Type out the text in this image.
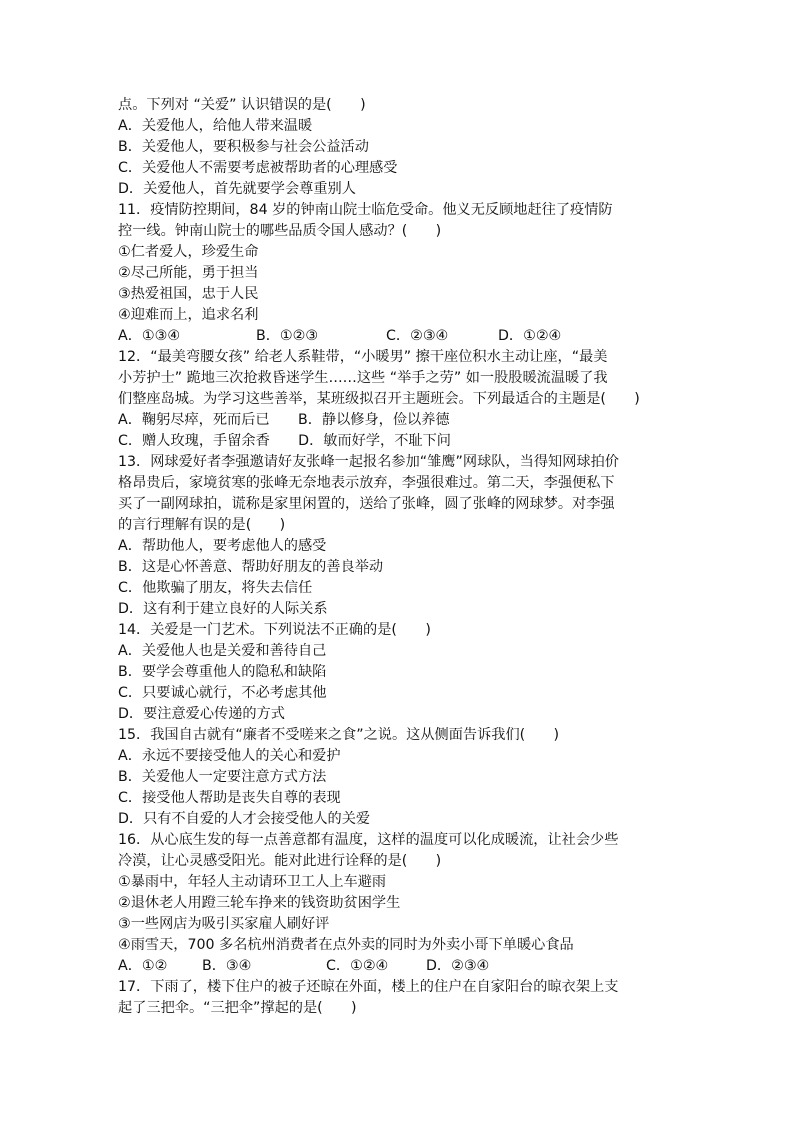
点。下列对 “关爱” 认识错误的是(　　)
A．关爱他人，给他人带来温暖
B．关爱他人，要积极参与社会公益活动
C．关爱他人不需要考虑被帮助者的心理感受
D．关爱他人，首先就要学会尊重别人
11．疫情防控期间，84 岁的钟南山院士临危受命。他义无反顾地赶往了疫情防
控一线。钟南山院士的哪些品质令国人感动？(　　)
①仁者爱人，珍爱生命
②尽己所能，勇于担当
③热爱祖国，忠于人民
④迎难而上，追求名利
A．①③④	B．①②③	C．②③④	D．①②④
12．“最美弯腰女孩” 给老人系鞋带，“小暖男” 擦干座位积水主动让座，“最美
小芳护士” 跪地三次抢救昏迷学生……这些 “举手之劳” 如一股股暖流温暖了我
们整座岛城。为学习这些善举，某班级拟召开主题班会。下列最适合的主题是(　　)
A．鞠躬尽瘁，死而后已　　B．静以修身，俭以养德
C．赠人玫瑰，手留余香　　D．敏而好学，不耻下问
13．网球爱好者李强邀请好友张峰一起报名参加“雏鹰”网球队，当得知网球拍价
格昂贵后，家境贫寒的张峰无奈地表示放弃，李强很难过。第二天，李强便私下
买了一副网球拍，谎称是家里闲置的，送给了张峰，圆了张峰的网球梦。对李强
的言行理解有误的是(　　)
A．帮助他人，要考虑他人的感受
B．这是心怀善意、帮助好朋友的善良举动
C．他欺骗了朋友，将失去信任
D．这有利于建立良好的人际关系
14．关爱是一门艺术。下列说法不正确的是(　　)
A．关爱他人也是关爱和善待自己
B．要学会尊重他人的隐私和缺陷
C．只要诚心就行，不必考虑其他
D．要注意爱心传递的方式
15．我国自古就有“廉者不受嗟来之食”之说。这从侧面告诉我们(　　)
A．永远不要接受他人的关心和爱护
B．关爱他人一定要注意方式方法
C．接受他人帮助是丧失自尊的表现
D．只有不自爱的人才会接受他人的关爱
16．从心底生发的每一点善意都有温度，这样的温度可以化成暖流，让社会少些
冷漠，让心灵感受阳光。能对此进行诠释的是(　　)
①暴雨中，年轻人主动请环卫工人上车避雨
②退休老人用蹬三轮车挣来的钱资助贫困学生
③一些网店为吸引买家雇人刷好评
④雨雪天，700 多名杭州消费者在点外卖的同时为外卖小哥下单暖心食品
A．①②	B．③④	C．①②④	D．②③④
17．下雨了，楼下住户的被子还晾在外面，楼上的住户在自家阳台的晾衣架上支
起了三把伞。“三把伞”撑起的是(　　)
